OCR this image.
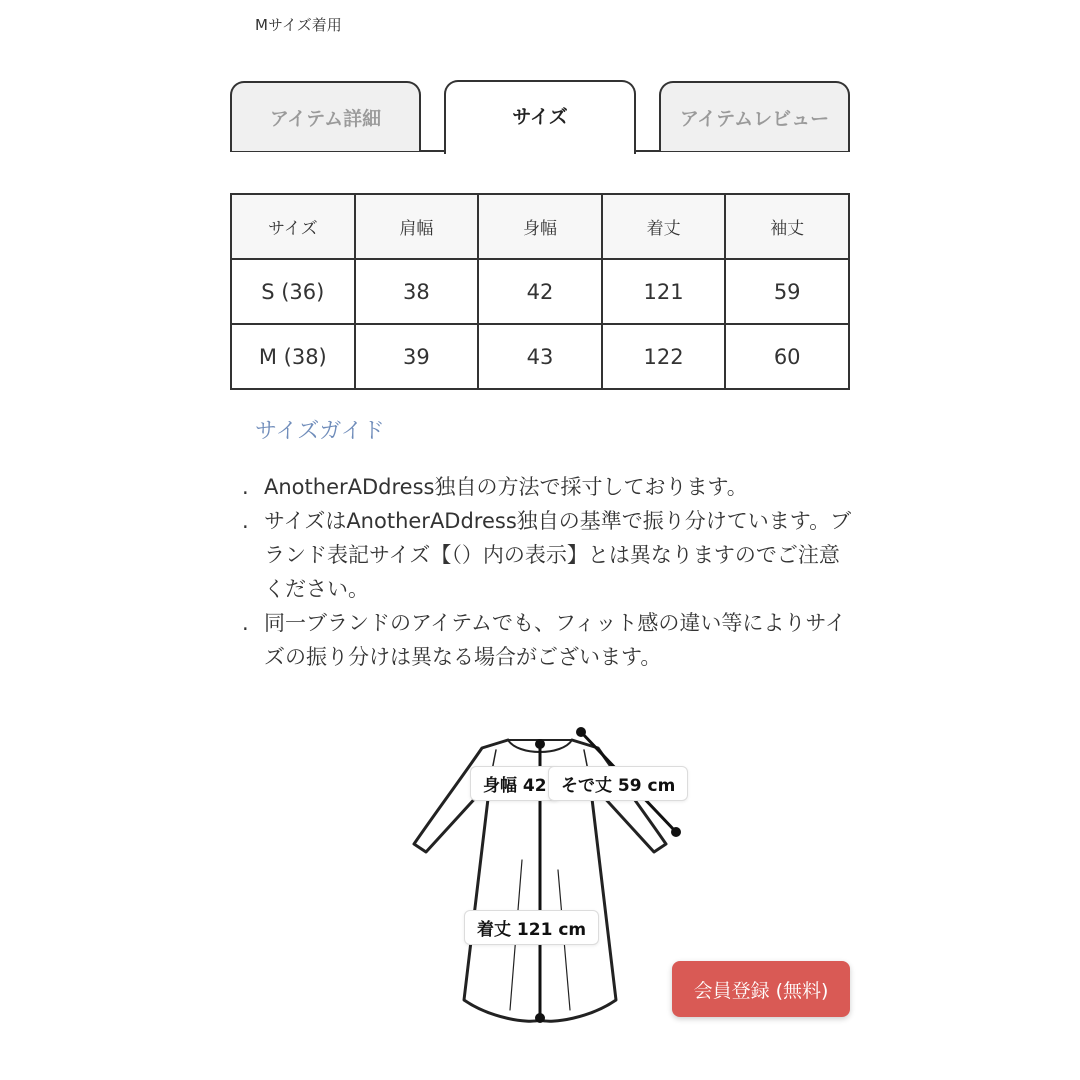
Mサイズ着用
アイテム詳細	サイズ	アイテムレビュー
サイズ	肩幅	身幅	着丈	袖丈
S (36)	38	42	121	59
M (38)	39	43	122	60
サイズガイド
. AnotherADdress独自の方法で採寸しております。
. サイズはAnotherADdress独自の基準で振り分けています。ブランド表記サイズ【（）内の表示】とは異なりますのでご注意ください。
. 同一ブランドのアイテムでも、フィット感の違い等によりサイズの振り分けは異なる場合がございます。
身幅 42 そで丈 59 cm
着丈 121 cm
会員登録 (無料)
